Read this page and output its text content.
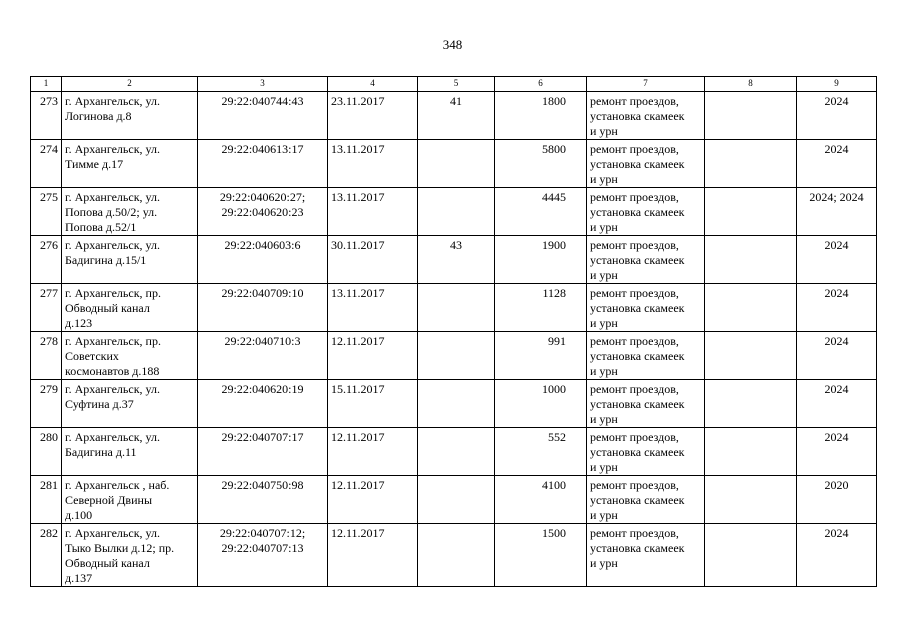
348
1	2	3	4	5	6	7	8	9
273	г. Архангельск, ул.
Логинова д.8	29:22:040744:43	23.11.2017	41	1800	ремонт проездов,
установка скамеек
и урн		2024
274	г. Архангельск, ул.
Тимме д.17	29:22:040613:17	13.11.2017		5800	ремонт проездов,
установка скамеек
и урн		2024
275	г. Архангельск, ул.
Попова д.50/2; ул.
Попова д.52/1	29:22:040620:27;
29:22:040620:23	13.11.2017		4445	ремонт проездов,
установка скамеек
и урн		2024; 2024
276	г. Архангельск, ул.
Бадигина д.15/1	29:22:040603:6	30.11.2017	43	1900	ремонт проездов,
установка скамеек
и урн		2024
277	г. Архангельск, пр.
Обводный канал
д.123	29:22:040709:10	13.11.2017		1128	ремонт проездов,
установка скамеек
и урн		2024
278	г. Архангельск, пр.
Советских
космонавтов д.188	29:22:040710:3	12.11.2017		991	ремонт проездов,
установка скамеек
и урн		2024
279	г. Архангельск, ул.
Суфтина д.37	29:22:040620:19	15.11.2017		1000	ремонт проездов,
установка скамеек
и урн		2024
280	г. Архангельск, ул.
Бадигина д.11	29:22:040707:17	12.11.2017		552	ремонт проездов,
установка скамеек
и урн		2024
281	г. Архангельск , наб.
Северной Двины
д.100	29:22:040750:98	12.11.2017		4100	ремонт проездов,
установка скамеек
и урн		2020
282	г. Архангельск, ул.
Тыко Вылки д.12; пр.
Обводный канал
д.137	29:22:040707:12;
29:22:040707:13	12.11.2017		1500	ремонт проездов,
установка скамеек
и урн		2024
